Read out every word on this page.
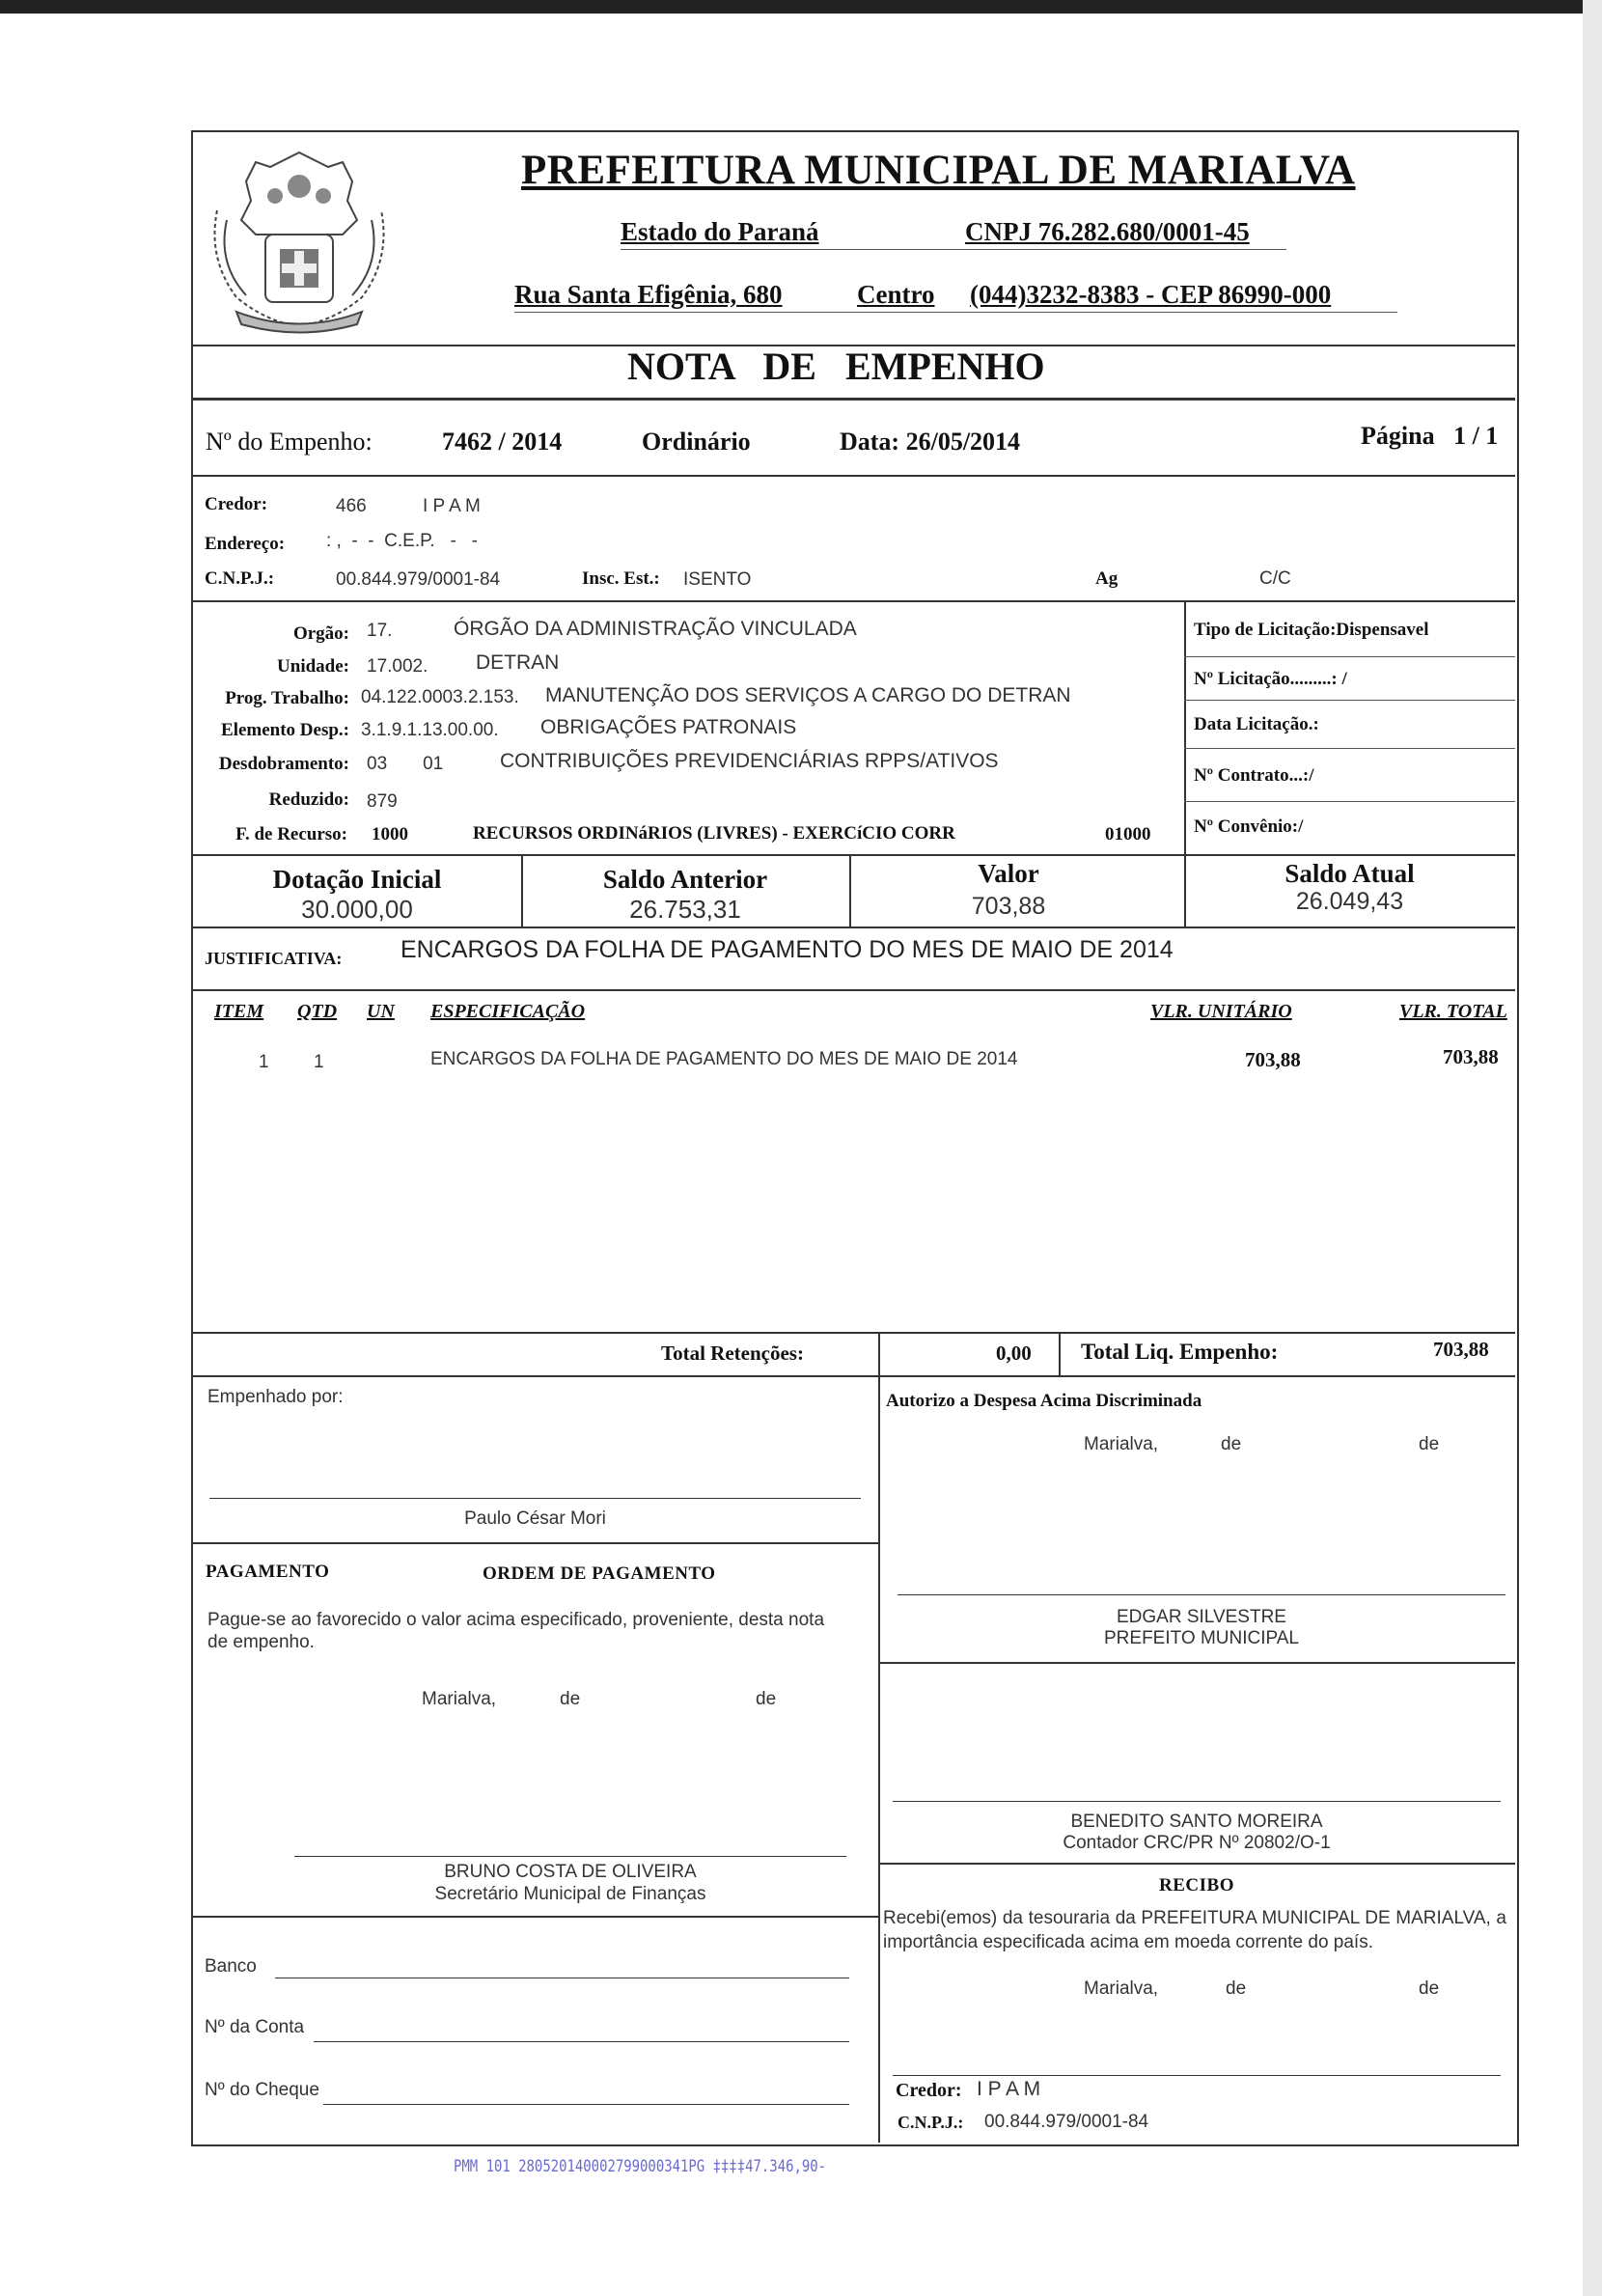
PREFEITURA MUNICIPAL DE MARIALVA
Estado do Paraná	CNPJ 76.282.680/0001-45
Rua Santa Efigênia, 680	Centro (044)3232-8383 - CEP 86990-000
NOTA   DE   EMPENHO
Nº do Empenho:	7462 / 2014	Ordinário	Data: 26/05/2014	Página   1 / 1
Credor:	466	I P A M
Endereço: : ,  -  -  C.E.P.   -   -
C.N.P.J.:	00.844.979/0001-84	Insc. Est.: ISENTO	Ag	C/C
Orgão: 17.	ÓRGÃO DA ADMINISTRAÇÃO VINCULADA
Unidade: 17.002. DETRAN
Prog. Trabalho: 04.122.0003.2.153. MANUTENÇÃO DOS SERVIÇOS A CARGO DO DETRAN
Elemento Desp.: 3.1.9.1.13.00.00. OBRIGAÇÕES PATRONAIS
Desdobramento: 03       01	CONTRIBUIÇÕES PREVIDENCIÁRIAS RPPS/ATIVOS
Reduzido: 879
F. de Recurso: 1000	RECURSOS ORDINáRIOS (LIVRES) - EXERCíCIO CORR	01000
Tipo de Licitação:Dispensavel
Nº Licitação.........: /
Data Licitação.:
Nº Contrato...:/
Nº Convênio:/
Dotação Inicial
30.000,00
Saldo Anterior
26.753,31
Valor
703,88
Saldo Atual
26.049,43
JUSTIFICATIVA: ENCARGOS DA FOLHA DE PAGAMENTO DO MES DE MAIO DE 2014
ITEM QTD UN ESPECIFICAÇÃO	VLR. UNITÁRIO	VLR. TOTAL
1 1	ENCARGOS DA FOLHA DE PAGAMENTO DO MES DE MAIO DE 2014	703,88	703,88
Total Retenções:	0,00 Total Liq. Empenho:	703,88
Empenhado por:
Paulo César Mori
Autorizo a Despesa Acima Discriminada
Marialva,	de	de
EDGAR SILVESTRE
PREFEITO MUNICIPAL
PAGAMENTO	ORDEM DE PAGAMENTO
Pague-se ao favorecido o valor acima especificado, proveniente, desta nota de empenho.
Marialva,	de	de
BENEDITO SANTO MOREIRA
Contador CRC/PR Nº 20802/O-1
BRUNO COSTA DE OLIVEIRA
Secretário Municipal de Finanças
Banco
Nº da Conta
Nº do Cheque
RECIBO
Recebi(emos) da tesouraria da PREFEITURA MUNICIPAL DE MARIALVA, a importância especificada acima em moeda corrente do país.
Marialva,	de	de
Credor: I P A M
C.N.P.J.: 00.844.979/0001-84
PMM 101 280520140002799000341PG ‡‡‡‡47.346,90-
